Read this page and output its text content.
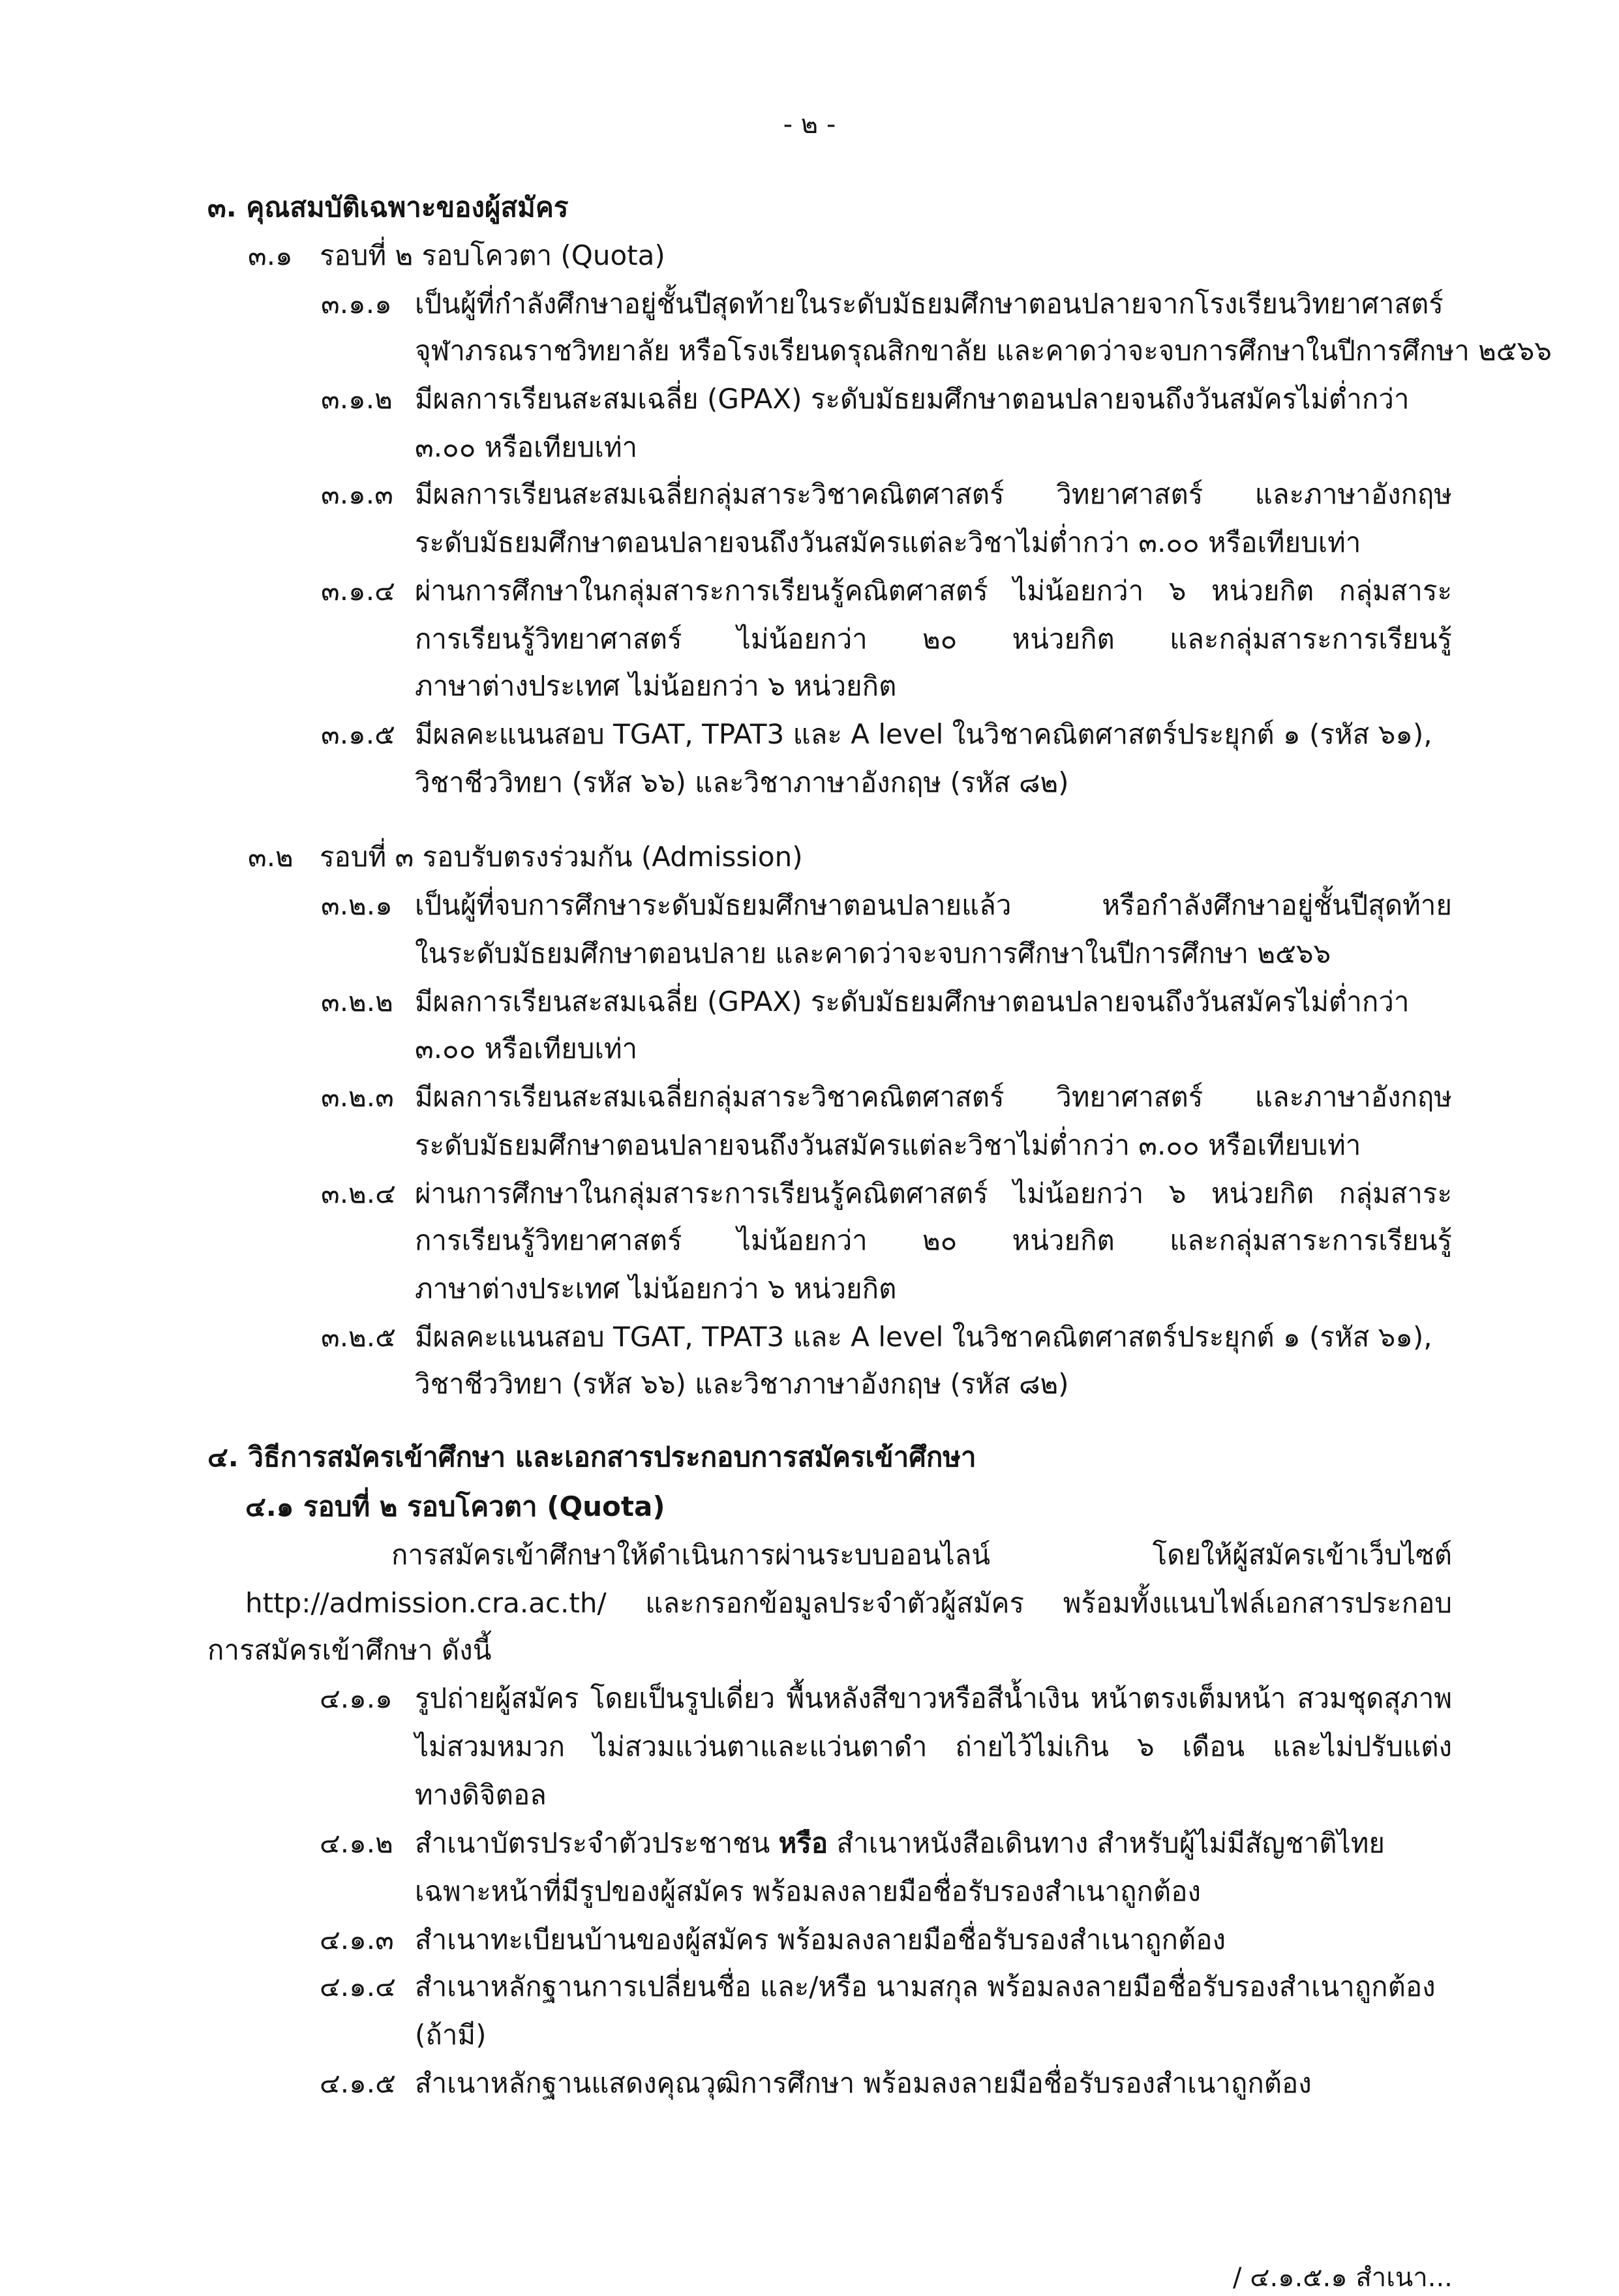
- ๒ -
๓. คุณสมบัติเฉพาะของผู้สมัคร
๓.๑ รอบที่ ๒ รอบโควตา (Quota)
๓.๑.๑ เป็นผู้ที่กำลังศึกษาอยู่ชั้นปีสุดท้ายในระดับมัธยมศึกษาตอนปลายจากโรงเรียนวิทยาศาสตร์
จุฬาภรณราชวิทยาลัย หรือโรงเรียนดรุณสิกขาลัย และคาดว่าจะจบการศึกษาในปีการศึกษา ๒๕๖๖
๓.๑.๒ มีผลการเรียนสะสมเฉลี่ย (GPAX) ระดับมัธยมศึกษาตอนปลายจนถึงวันสมัครไม่ต่ำกว่า
๓.๐๐ หรือเทียบเท่า
๓.๑.๓ มีผลการเรียนสะสมเฉลี่ยกลุ่มสาระวิชาคณิตศาสตร์ วิทยาศาสตร์ และภาษาอังกฤษ
ระดับมัธยมศึกษาตอนปลายจนถึงวันสมัครแต่ละวิชาไม่ต่ำกว่า ๓.๐๐ หรือเทียบเท่า
๓.๑.๔ ผ่านการศึกษาในกลุ่มสาระการเรียนรู้คณิตศาสตร์ ไม่น้อยกว่า ๖ หน่วยกิต กลุ่มสาระ
การเรียนรู้วิทยาศาสตร์ ไม่น้อยกว่า ๒๐ หน่วยกิต และกลุ่มสาระการเรียนรู้
ภาษาต่างประเทศ ไม่น้อยกว่า ๖ หน่วยกิต
๓.๑.๕ มีผลคะแนนสอบ TGAT, TPAT3 และ A level ในวิชาคณิตศาสตร์ประยุกต์ ๑ (รหัส ๖๑),
วิชาชีววิทยา (รหัส ๖๖) และวิชาภาษาอังกฤษ (รหัส ๘๒)
๓.๒ รอบที่ ๓ รอบรับตรงร่วมกัน (Admission)
๓.๒.๑ เป็นผู้ที่จบการศึกษาระดับมัธยมศึกษาตอนปลายแล้ว หรือกำลังศึกษาอยู่ชั้นปีสุดท้าย
ในระดับมัธยมศึกษาตอนปลาย และคาดว่าจะจบการศึกษาในปีการศึกษา ๒๕๖๖
๓.๒.๒ มีผลการเรียนสะสมเฉลี่ย (GPAX) ระดับมัธยมศึกษาตอนปลายจนถึงวันสมัครไม่ต่ำกว่า
๓.๐๐ หรือเทียบเท่า
๓.๒.๓ มีผลการเรียนสะสมเฉลี่ยกลุ่มสาระวิชาคณิตศาสตร์ วิทยาศาสตร์ และภาษาอังกฤษ
ระดับมัธยมศึกษาตอนปลายจนถึงวันสมัครแต่ละวิชาไม่ต่ำกว่า ๓.๐๐ หรือเทียบเท่า
๓.๒.๔ ผ่านการศึกษาในกลุ่มสาระการเรียนรู้คณิตศาสตร์ ไม่น้อยกว่า ๖ หน่วยกิต กลุ่มสาระ
การเรียนรู้วิทยาศาสตร์ ไม่น้อยกว่า ๒๐ หน่วยกิต และกลุ่มสาระการเรียนรู้
ภาษาต่างประเทศ ไม่น้อยกว่า ๖ หน่วยกิต
๓.๒.๕ มีผลคะแนนสอบ TGAT, TPAT3 และ A level ในวิชาคณิตศาสตร์ประยุกต์ ๑ (รหัส ๖๑),
วิชาชีววิทยา (รหัส ๖๖) และวิชาภาษาอังกฤษ (รหัส ๘๒)
๔. วิธีการสมัครเข้าศึกษา และเอกสารประกอบการสมัครเข้าศึกษา
๔.๑ รอบที่ ๒ รอบโควตา (Quota)
การสมัครเข้าศึกษาให้ดำเนินการผ่านระบบออนไลน์ โดยให้ผู้สมัครเข้าเว็บไซต์
http://admission.cra.ac.th/ และกรอกข้อมูลประจำตัวผู้สมัคร พร้อมทั้งแนบไฟล์เอกสารประกอบ
การสมัครเข้าศึกษา ดังนี้
๔.๑.๑ รูปถ่ายผู้สมัคร โดยเป็นรูปเดี่ยว พื้นหลังสีขาวหรือสีน้ำเงิน หน้าตรงเต็มหน้า สวมชุดสุภาพ
ไม่สวมหมวก ไม่สวมแว่นตาและแว่นตาดำ ถ่ายไว้ไม่เกิน ๖ เดือน และไม่ปรับแต่ง
ทางดิจิตอล
๔.๑.๒ สำเนาบัตรประจำตัวประชาชน หรือ สำเนาหนังสือเดินทาง สำหรับผู้ไม่มีสัญชาติไทย
เฉพาะหน้าที่มีรูปของผู้สมัคร พร้อมลงลายมือชื่อรับรองสำเนาถูกต้อง
๔.๑.๓ สำเนาทะเบียนบ้านของผู้สมัคร พร้อมลงลายมือชื่อรับรองสำเนาถูกต้อง
๔.๑.๔ สำเนาหลักฐานการเปลี่ยนชื่อ และ/หรือ นามสกุล พร้อมลงลายมือชื่อรับรองสำเนาถูกต้อง
(ถ้ามี)
๔.๑.๕ สำเนาหลักฐานแสดงคุณวุฒิการศึกษา พร้อมลงลายมือชื่อรับรองสำเนาถูกต้อง
/ ๔.๑.๕.๑ สำเนา...
